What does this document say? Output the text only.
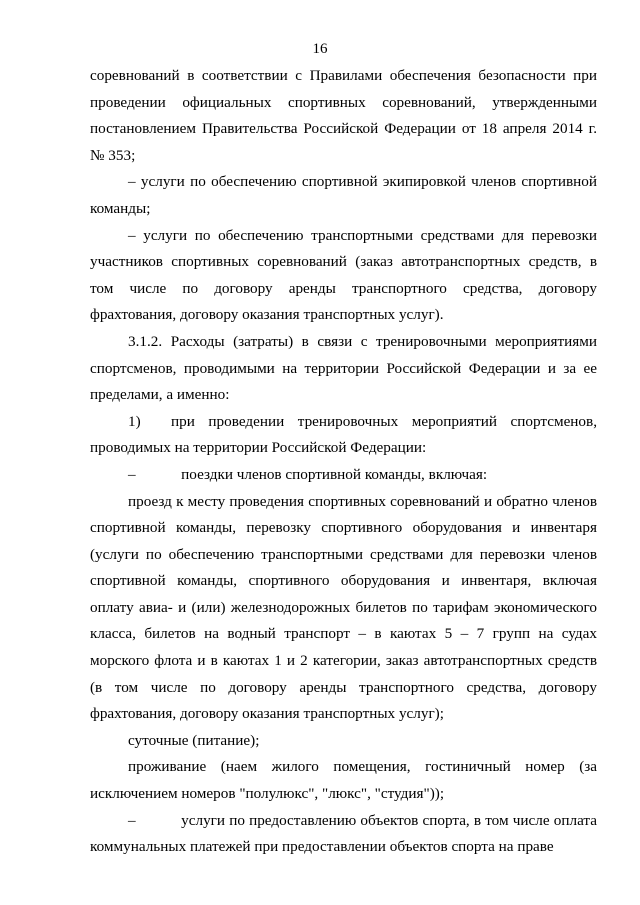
16

соревнований в соответствии с Правилами обеспечения безопасности при проведении официальных спортивных соревнований, утвержденными постановлением Правительства Российской Федерации от 18 апреля 2014 г. № 353;

– услуги по обеспечению спортивной экипировкой членов спортивной команды;

– услуги по обеспечению транспортными средствами для перевозки участников спортивных соревнований (заказ автотранспортных средств, в том числе по договору аренды транспортного средства, договору фрахтования, договору оказания транспортных услуг).

3.1.2. Расходы (затраты) в связи с тренировочными мероприятиями спортсменов, проводимыми на территории Российской Федерации и за ее пределами, а именно:

1)  при проведении тренировочных мероприятий спортсменов, проводимых на территории Российской Федерации:

–   поездки членов спортивной команды, включая:

проезд к месту проведения спортивных соревнований и обратно членов спортивной команды, перевозку спортивного оборудования и инвентаря (услуги по обеспечению транспортными средствами для перевозки членов спортивной команды, спортивного оборудования и инвентаря, включая оплату авиа- и (или) железнодорожных билетов по тарифам экономического класса, билетов на водный транспорт – в каютах 5 – 7 групп на судах морского флота и в каютах 1 и 2 категории, заказ автотранспортных средств (в том числе по договору аренды транспортного средства, договору фрахтования, договору оказания транспортных услуг);

суточные (питание);

проживание (наем жилого помещения, гостиничный номер (за исключением номеров "полулюкс", "люкс", "студия"));

–   услуги по предоставлению объектов спорта, в том числе оплата коммунальных платежей при предоставлении объектов спорта на праве
